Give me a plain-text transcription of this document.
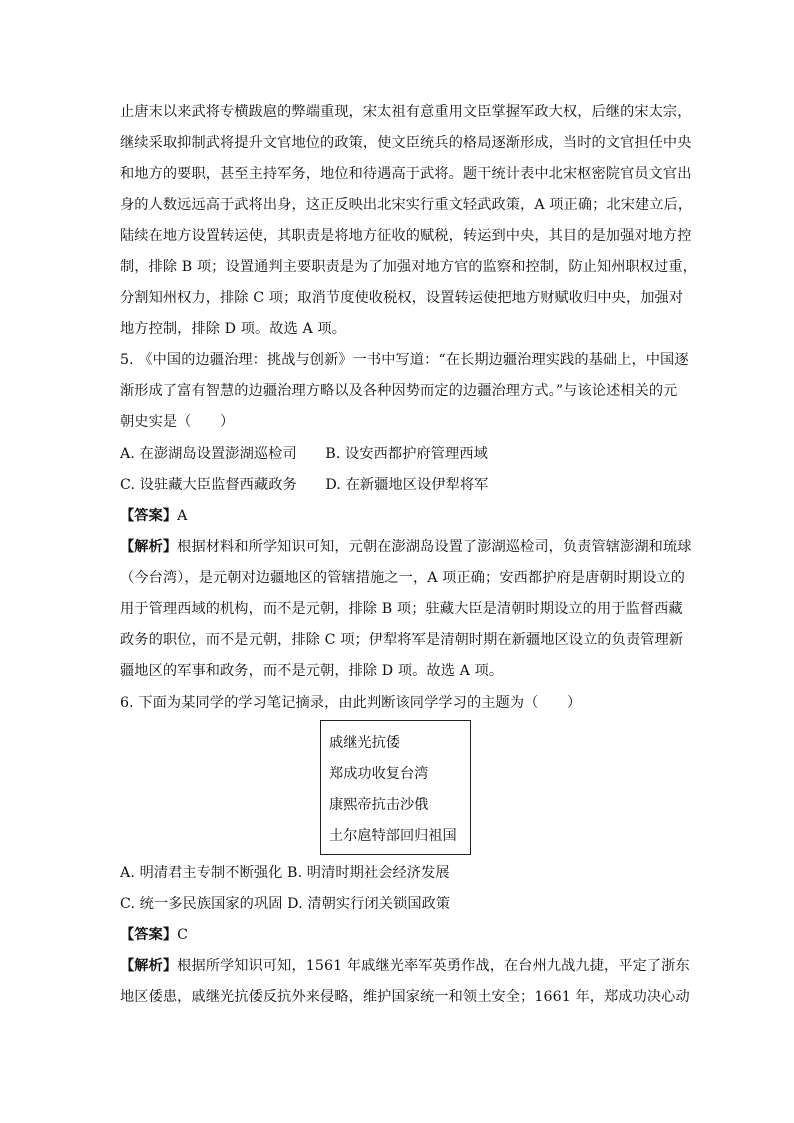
止唐末以来武将专横跋扈的弊端重现，宋太祖有意重用文臣掌握军政大权，后继的宋太宗，
继续采取抑制武将提升文官地位的政策，使文臣统兵的格局逐渐形成，当时的文官担任中央
和地方的要职，甚至主持军务，地位和待遇高于武将。题干统计表中北宋枢密院官员文官出
身的人数远远高于武将出身，这正反映出北宋实行重文轻武政策，A 项正确；北宋建立后，
陆续在地方设置转运使，其职责是将地方征收的赋税，转运到中央，其目的是加强对地方控
制，排除 B 项；设置通判主要职责是为了加强对地方官的监察和控制，防止知州职权过重，
分割知州权力，排除 C 项；取消节度使收税权，设置转运使把地方财赋收归中央，加强对
地方控制，排除 D 项。故选 A 项。
5. 《中国的边疆治理：挑战与创新》一书中写道：“在长期边疆治理实践的基础上，中国逐
渐形成了富有智慧的边疆治理方略以及各种因势而定的边疆治理方式。”与该论述相关的元
朝史实是（　　）
A. 在澎湖岛设置澎湖巡检司　　B. 设安西都护府管理西域
C. 设驻藏大臣监督西藏政务　　D. 在新疆地区设伊犁将军
【答案】A
【解析】根据材料和所学知识可知，元朝在澎湖岛设置了澎湖巡检司，负责管辖澎湖和琉球
（今台湾），是元朝对边疆地区的管辖措施之一，A 项正确；安西都护府是唐朝时期设立的
用于管理西域的机构，而不是元朝，排除 B 项；驻藏大臣是清朝时期设立的用于监督西藏
政务的职位，而不是元朝，排除 C 项；伊犁将军是清朝时期在新疆地区设立的负责管理新
疆地区的军事和政务，而不是元朝，排除 D 项。故选 A 项。
6. 下面为某同学的学习笔记摘录，由此判断该同学学习的主题为（　　）
戚继光抗倭
郑成功收复台湾
康熙帝抗击沙俄
土尔扈特部回归祖国
A. 明清君主专制不断强化 B. 明清时期社会经济发展
C. 统一多民族国家的巩固 D. 清朝实行闭关锁国政策
【答案】C
【解析】根据所学知识可知，1561 年戚继光率军英勇作战，在台州九战九捷，平定了浙东
地区倭患，戚继光抗倭反抗外来侵略，维护国家统一和领土安全；1661 年，郑成功决心动
